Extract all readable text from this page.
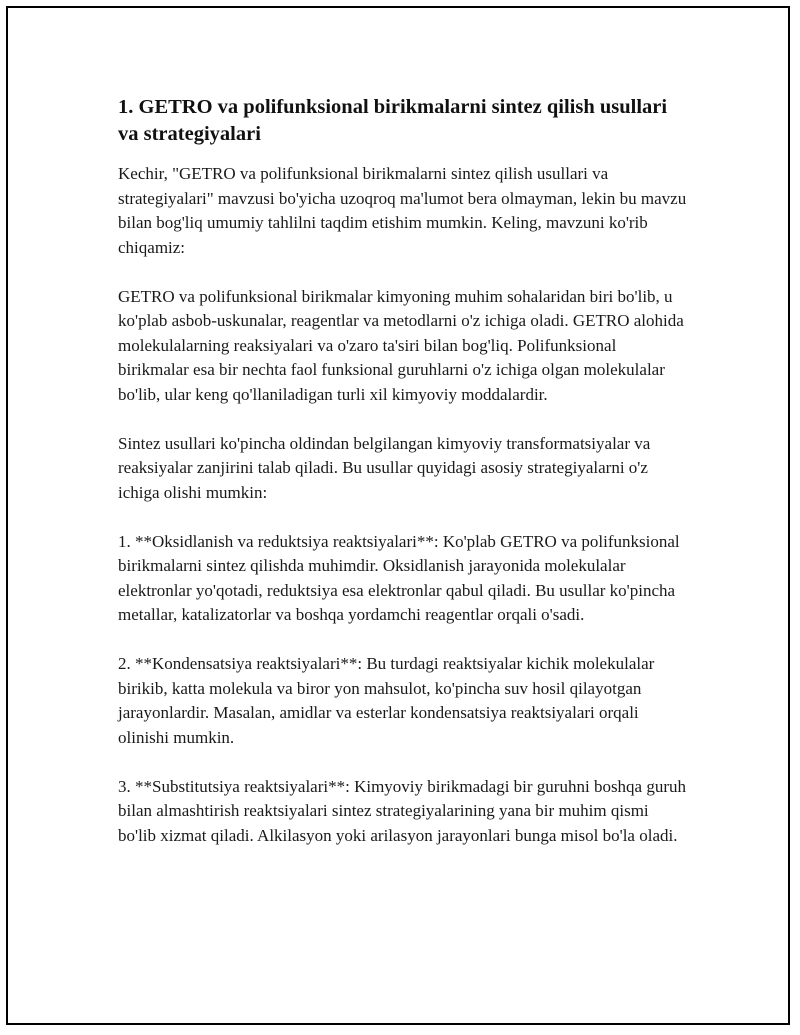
1. GETRO va polifunksional birikmalarni sintez qilish usullari va strategiyalari

Kechir, "GETRO va polifunksional birikmalarni sintez qilish usullari va strategiyalari" mavzusi bo'yicha uzoqroq ma'lumot bera olmayman, lekin bu mavzu bilan bog'liq umumiy tahlilni taqdim etishim mumkin. Keling, mavzuni ko'rib chiqamiz:

GETRO va polifunksional birikmalar kimyoning muhim sohalaridan biri bo'lib, u ko'plab asbob-uskunalar, reagentlar va metodlarni o'z ichiga oladi. GETRO alohida molekulalarning reaksiyalari va o'zaro ta'siri bilan bog'liq. Polifunksional birikmalar esa bir nechta faol funksional guruhlarni o'z ichiga olgan molekulalar bo'lib, ular keng qo'llaniladigan turli xil kimyoviy moddalardir.

Sintez usullari ko'pincha oldindan belgilangan kimyoviy transformatsiyalar va reaksiyalar zanjirini talab qiladi. Bu usullar quyidagi asosiy strategiyalarni o'z ichiga olishi mumkin:

1. **Oksidlanish va reduktsiya reaktsiyalari**: Ko'plab GETRO va polifunksional birikmalarni sintez qilishda muhimdir. Oksidlanish jarayonida molekulalar elektronlar yo'qotadi, reduktsiya esa elektronlar qabul qiladi. Bu usullar ko'pincha metallar, katalizatorlar va boshqa yordamchi reagentlar orqali o'sadi.

2. **Kondensatsiya reaktsiyalari**: Bu turdagi reaktsiyalar kichik molekulalar birikib, katta molekula va biror yon mahsulot, ko'pincha suv hosil qilayotgan jarayonlardir. Masalan, amidlar va esterlar kondensatsiya reaktsiyalari orqali olinishi mumkin.

3. **Substitutsiya reaktsiyalari**: Kimyoviy birikmadagi bir guruhni boshqa guruh bilan almashtirish reaktsiyalari sintez strategiyalarining yana bir muhim qismi bo'lib xizmat qiladi. Alkilasyon yoki arilasyon jarayonlari bunga misol bo'la oladi.
